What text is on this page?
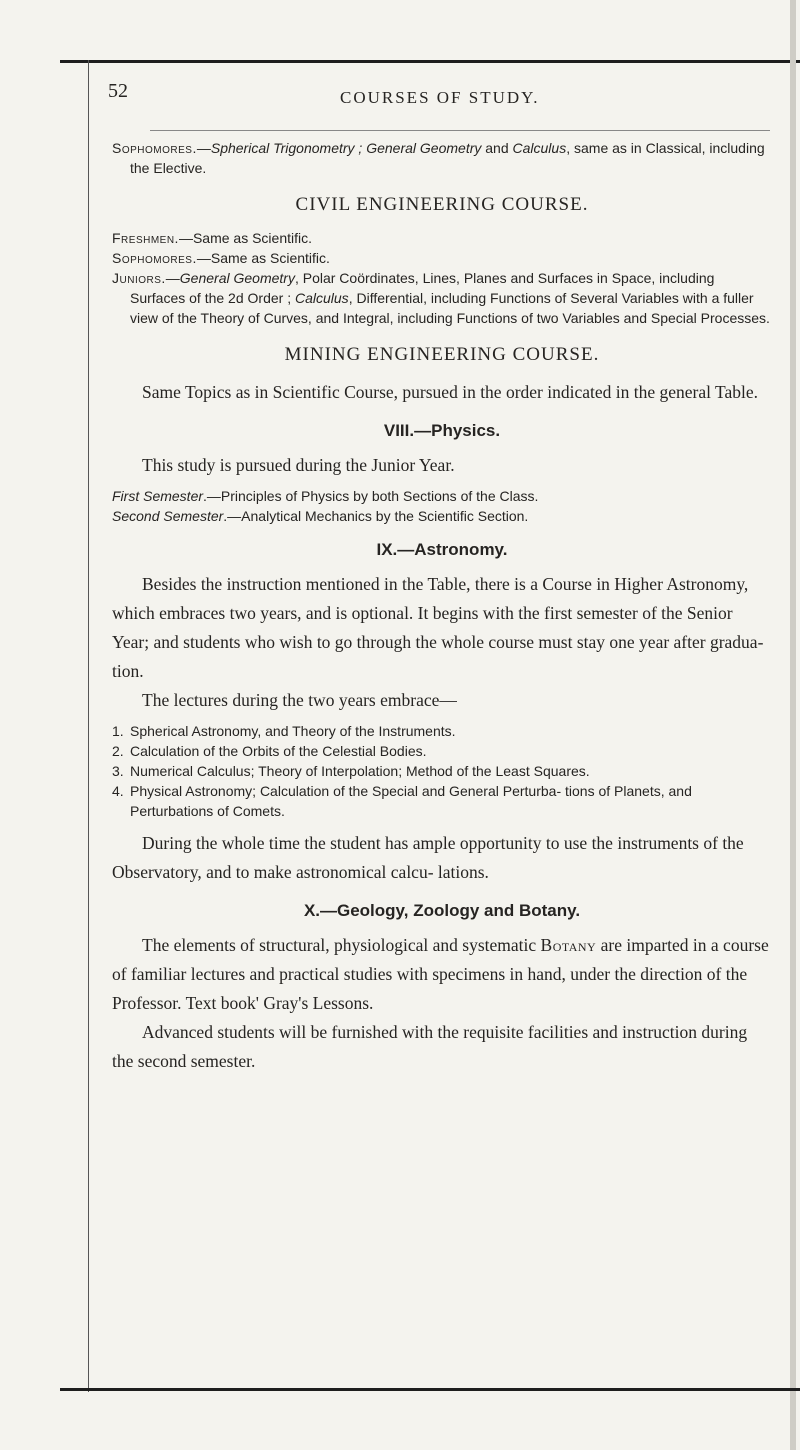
52	COURSES OF STUDY.

Sophomores.—Spherical Trigonometry ; General Geometry and Calculus, same as in Classical, including the Elective.

CIVIL ENGINEERING COURSE.

Freshmen.—Same as Scientific.

Sophomores.—Same as Scientific.

Juniors.—General Geometry, Polar Coördinates, Lines, Planes and Surfaces in Space, including Surfaces of the 2d Order ; Calculus, Differential, including Functions of Several Variables with a fuller view of the Theory of Curves, and Integral, including Functions of two Variables and Special Processes.

MINING ENGINEERING COURSE.

Same Topics as in Scientific Course, pursued in the order indicated in the general Table.

VIII.—Physics.

This study is pursued during the Junior Year.

First Semester.—Principles of Physics by both Sections of the Class.

Second Semester.—Analytical Mechanics by the Scientific Section.

IX.—Astronomy.

Besides the instruction mentioned in the Table, there is a Course in Higher Astronomy, which embraces two years, and is optional. It begins with the first semester of the Senior Year; and students who wish to go through the whole course must stay one year after gradua- tion.

The lectures during the two years embrace—

1. Spherical Astronomy, and Theory of the Instruments.
2. Calculation of the Orbits of the Celestial Bodies.
3. Numerical Calculus; Theory of Interpolation; Method of the Least Squares.
4. Physical Astronomy; Calculation of the Special and General Perturba- tions of Planets, and Perturbations of Comets.

During the whole time the student has ample opportunity to use the instruments of the Observatory, and to make astronomical calcu- lations.

X.—Geology, Zoology and Botany.

The elements of structural, physiological and systematic Botany are imparted in a course of familiar lectures and practical studies with specimens in hand, under the direction of the Professor. Text book' Gray's Lessons.

Advanced students will be furnished with the requisite facilities and instruction during the second semester.
